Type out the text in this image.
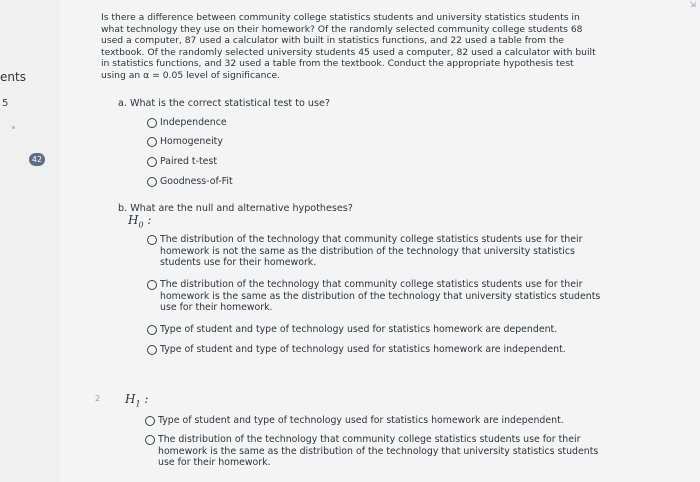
ents
5
42
⇲
Is there a difference between community college statistics students and university statistics students in what technology they use on their homework? Of the randomly selected community college students 68 used a computer, 87 used a calculator with built in statistics functions, and 22 used a table from the textbook. Of the randomly selected university students 45 used a computer, 82 used a calculator with built in statistics functions, and 32 used a table from the textbook. Conduct the appropriate hypothesis test using an α = 0.05 level of significance.
a. What is the correct statistical test to use?
Independence
Homogeneity
Paired t-test
Goodness-of-Fit
b. What are the null and alternative hypotheses?
$H_0$ :
The distribution of the technology that community college statistics students use for their homework is not the same as the distribution of the technology that university statistics students use for their homework.
The distribution of the technology that community college statistics students use for their homework is the same as the distribution of the technology that university statistics students use for their homework.
Type of student and type of technology used for statistics homework are dependent.
Type of student and type of technology used for statistics homework are independent.
2 $H_1$ :
Type of student and type of technology used for statistics homework are independent.
The distribution of the technology that community college statistics students use for their homework is the same as the distribution of the technology that university statistics students use for their homework.
